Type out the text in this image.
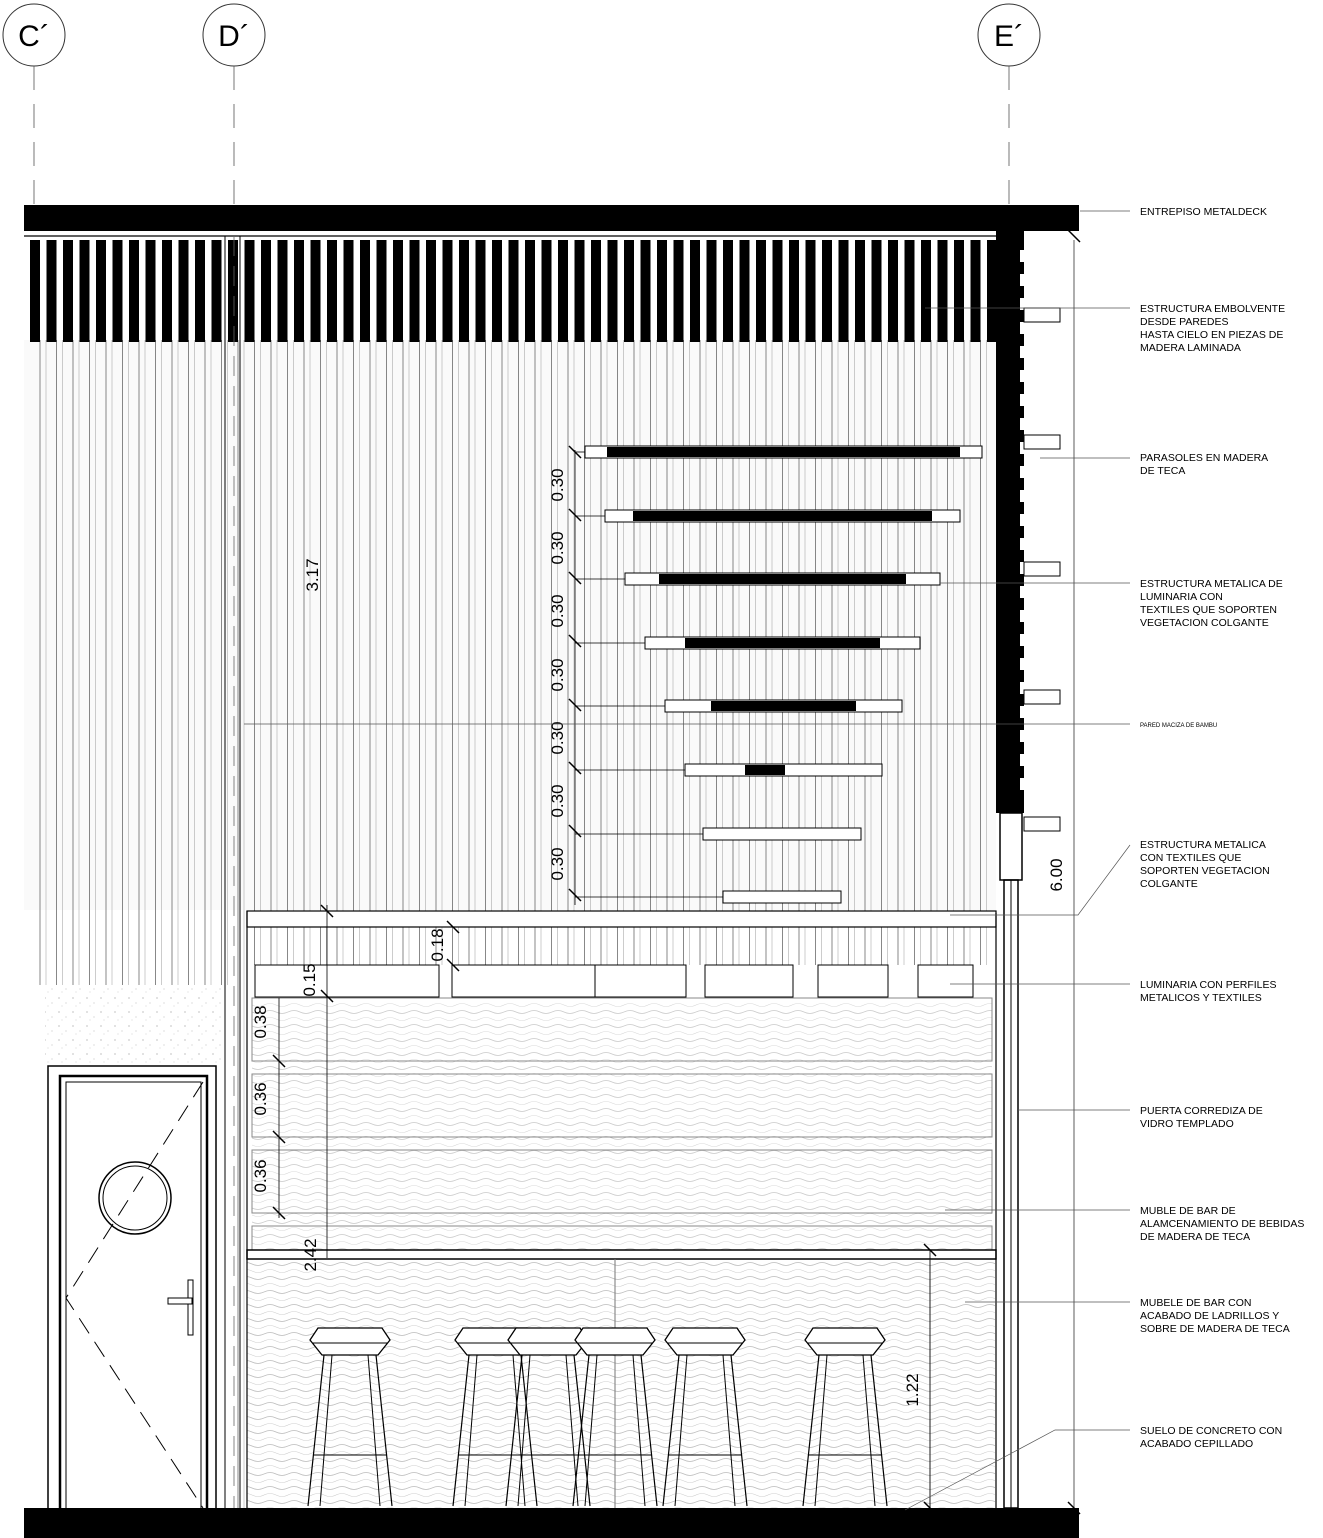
C´	D´	E´
0.30
0.30
0.30
0.30
0.30
0.30
0.30	6.00
3.17
0.18
0.15
0.38
0.36
0.36
2.42
1.22
ENTREPISO METALDECK
ESTRUCTURA EMBOLVENTE DESDE PAREDES HASTA CIELO EN PIEZAS DE MADERA LAMINADA
PARASOLES EN MADERA DE TECA
ESTRUCTURA METALICA DE LUMINARIA CON TEXTILES QUE SOPORTEN VEGETACION COLGANTE
PARED MACIZA DE BAMBU
ESTRUCTURA METALICA CON TEXTILES QUE SOPORTEN VEGETACION COLGANTE
LUMINARIA CON PERFILES METALICOS Y TEXTILES
PUERTA CORREDIZA DE VIDRO TEMPLADO
MUBLE DE BAR DE ALAMCENAMIENTO DE BEBIDAS DE MADERA DE TECA
MUBELE DE BAR CON ACABADO DE LADRILLOS Y SOBRE DE MADERA DE TECA
SUELO DE CONCRETO CON ACABADO CEPILLADO
